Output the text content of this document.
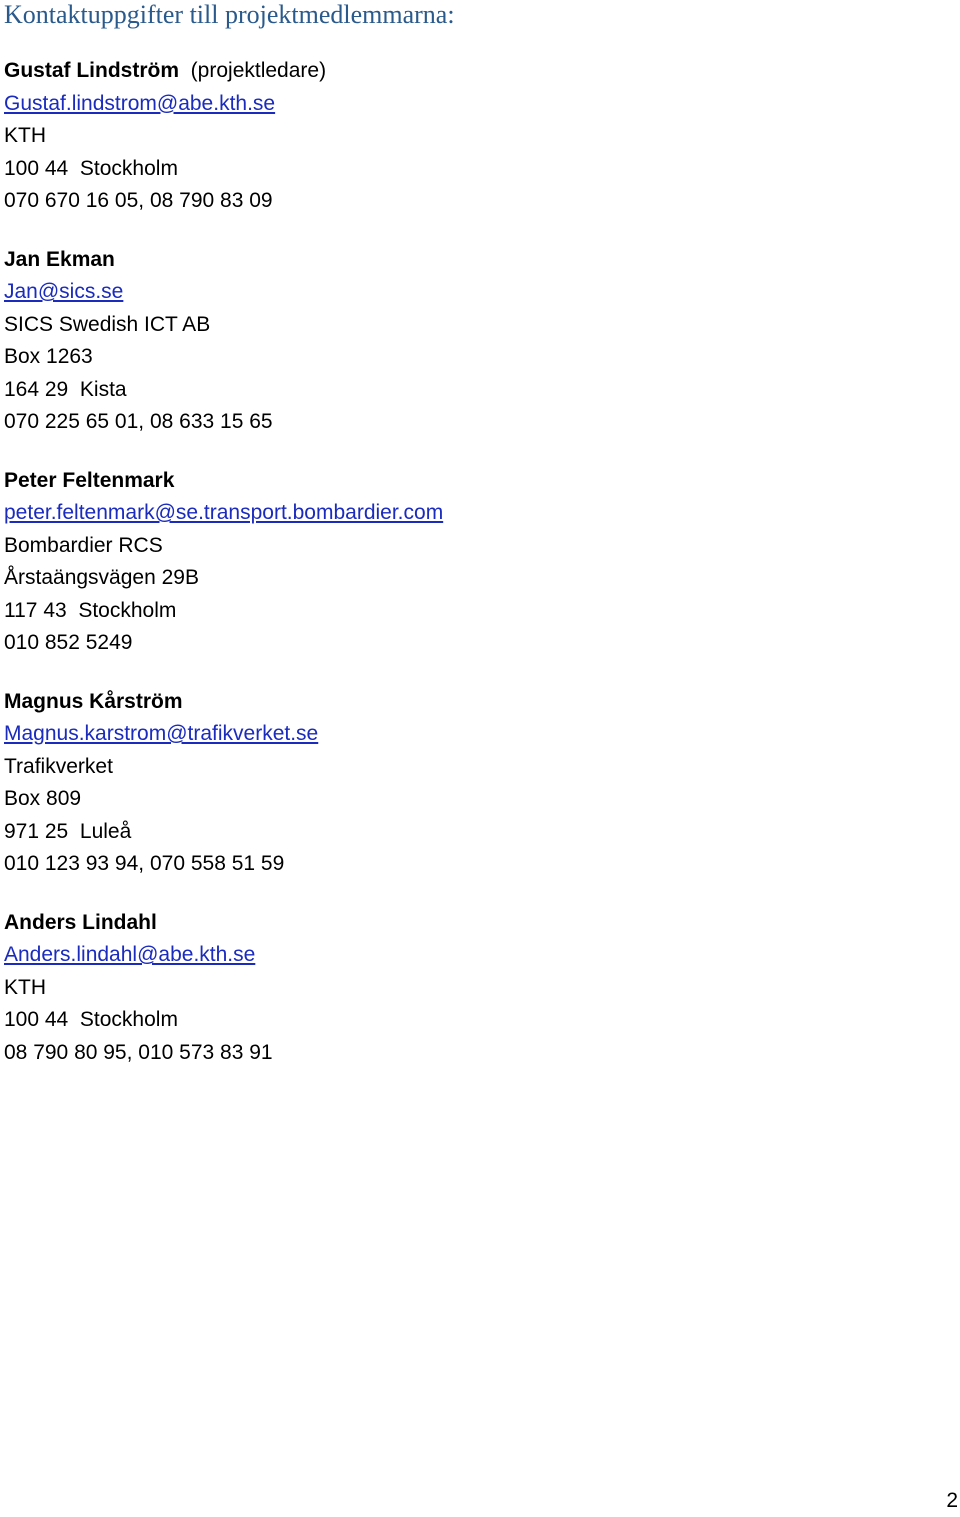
Kontaktuppgifter till projektmedlemmarna:
Gustaf Lindström  (projektledare)
Gustaf.lindstrom@abe.kth.se
KTH
100 44  Stockholm
070 670 16 05, 08 790 83 09
Jan Ekman
Jan@sics.se
SICS Swedish ICT AB
Box 1263
164 29  Kista
070 225 65 01, 08 633 15 65
Peter Feltenmark
peter.feltenmark@se.transport.bombardier.com
Bombardier RCS
Årstaängsvägen 29B
117 43  Stockholm
010 852 5249
Magnus Kårström
Magnus.karstrom@trafikverket.se
Trafikverket
Box 809
971 25  Luleå
010 123 93 94, 070 558 51 59
Anders Lindahl
Anders.lindahl@abe.kth.se
KTH
100 44  Stockholm
08 790 80 95, 010 573 83 91
2
